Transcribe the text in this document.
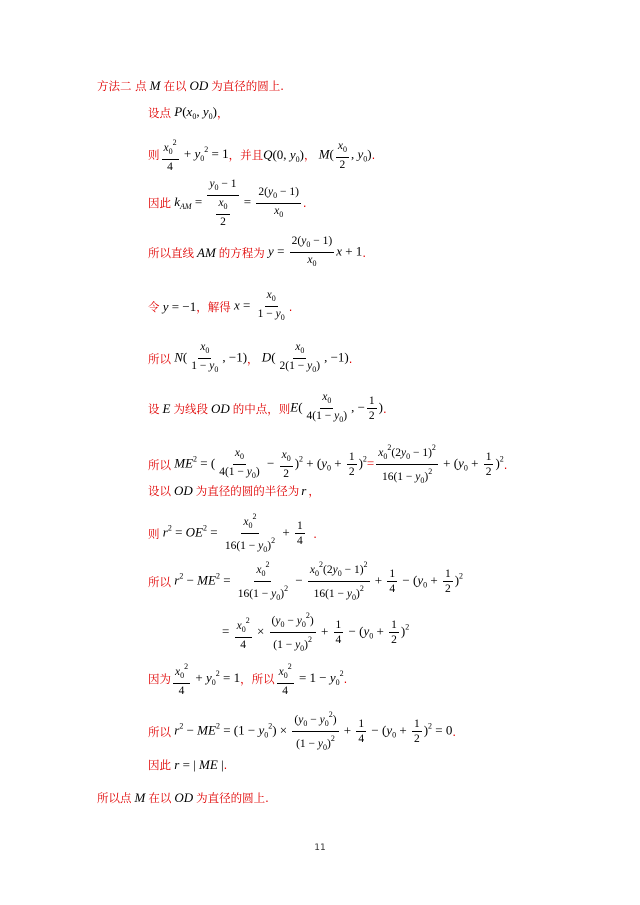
方法二 点 M 在以 OD 为直径的圆上.
设点 $P(x_0$, $y_0$) ，
则 $\frac{x_0^2}{4} + y_0^2 = 1$ ，并且 Q(0, $y_0$) ， $M( \frac{x_0}{2}$ , $y_0$) .
因此 $k_{AM} = \frac{y_0 - 1}{\frac{x_0}{2}} = \frac{2(y_0 - 1)}{x_0}$ .
所以直线 AM 的方程为 $y = \frac{2(y_0 - 1)}{x_0}$ x + 1 .
令 y = −1 ，解得 $x = \frac{x_0}{1 - y_0}$ .
所以 $N( \frac{x_0}{1 - y_0}$ , −1) ， $D( \frac{x_0}{2(1 - y_0)}$ , −1) .
设 E 为线段 OD 的中点，则 $E( \frac{x_0}{4(1 - y_0)}$ , − $\frac{1}{2}$ ) .
所以 $ME^2$ = ( $\frac{x_0}{4(1 - y_0)} - \frac{x_0}{2} )^2 + (y_0 + \frac{1}{2} )^2= \frac{x_0^2(2y_0 - 1)^2}{16(1 - y_0)^2} + (y_0 + \frac{1}{2} )^2$ .
设以 OD 为直径的圆的半径为 r ，
则 $r^2 = OE^2 = \frac{x_0^2}{16(1 - y_0)^2} + \frac{1}{4}$
.
所以 $r^2 - ME^2 = \frac{x_0^2}{16(1 - y_0)^2} - \frac{x_0^2(2y_0 - 1)^2}{16(1 - y_0)^2} + \frac{1}{4} - (y_0 + \frac{1}{2} )^2$
= $\frac{x_0^2}{4} \times \frac{(y_0 - y_0^2)}{(1 - y_0)^2} + \frac{1}{4} - (y_0 + \frac{1}{2} )^2$
因为 $\frac{x_0^2}{4} + y_0^2 = 1$ ，所以 $\frac{x_0^2}{4} = 1 - y_0^2$ .
所以 $r^2 - ME^2 = (1 - y_0^2) \times \frac{(y_0 - y_0^2)}{(1 - y_0)^2} + \frac{1}{4} - (y_0 + \frac{1}{2} )^2 = 0$ .
因此 r = | ME | .
所以点 M 在以 OD 为直径的圆上.
11
